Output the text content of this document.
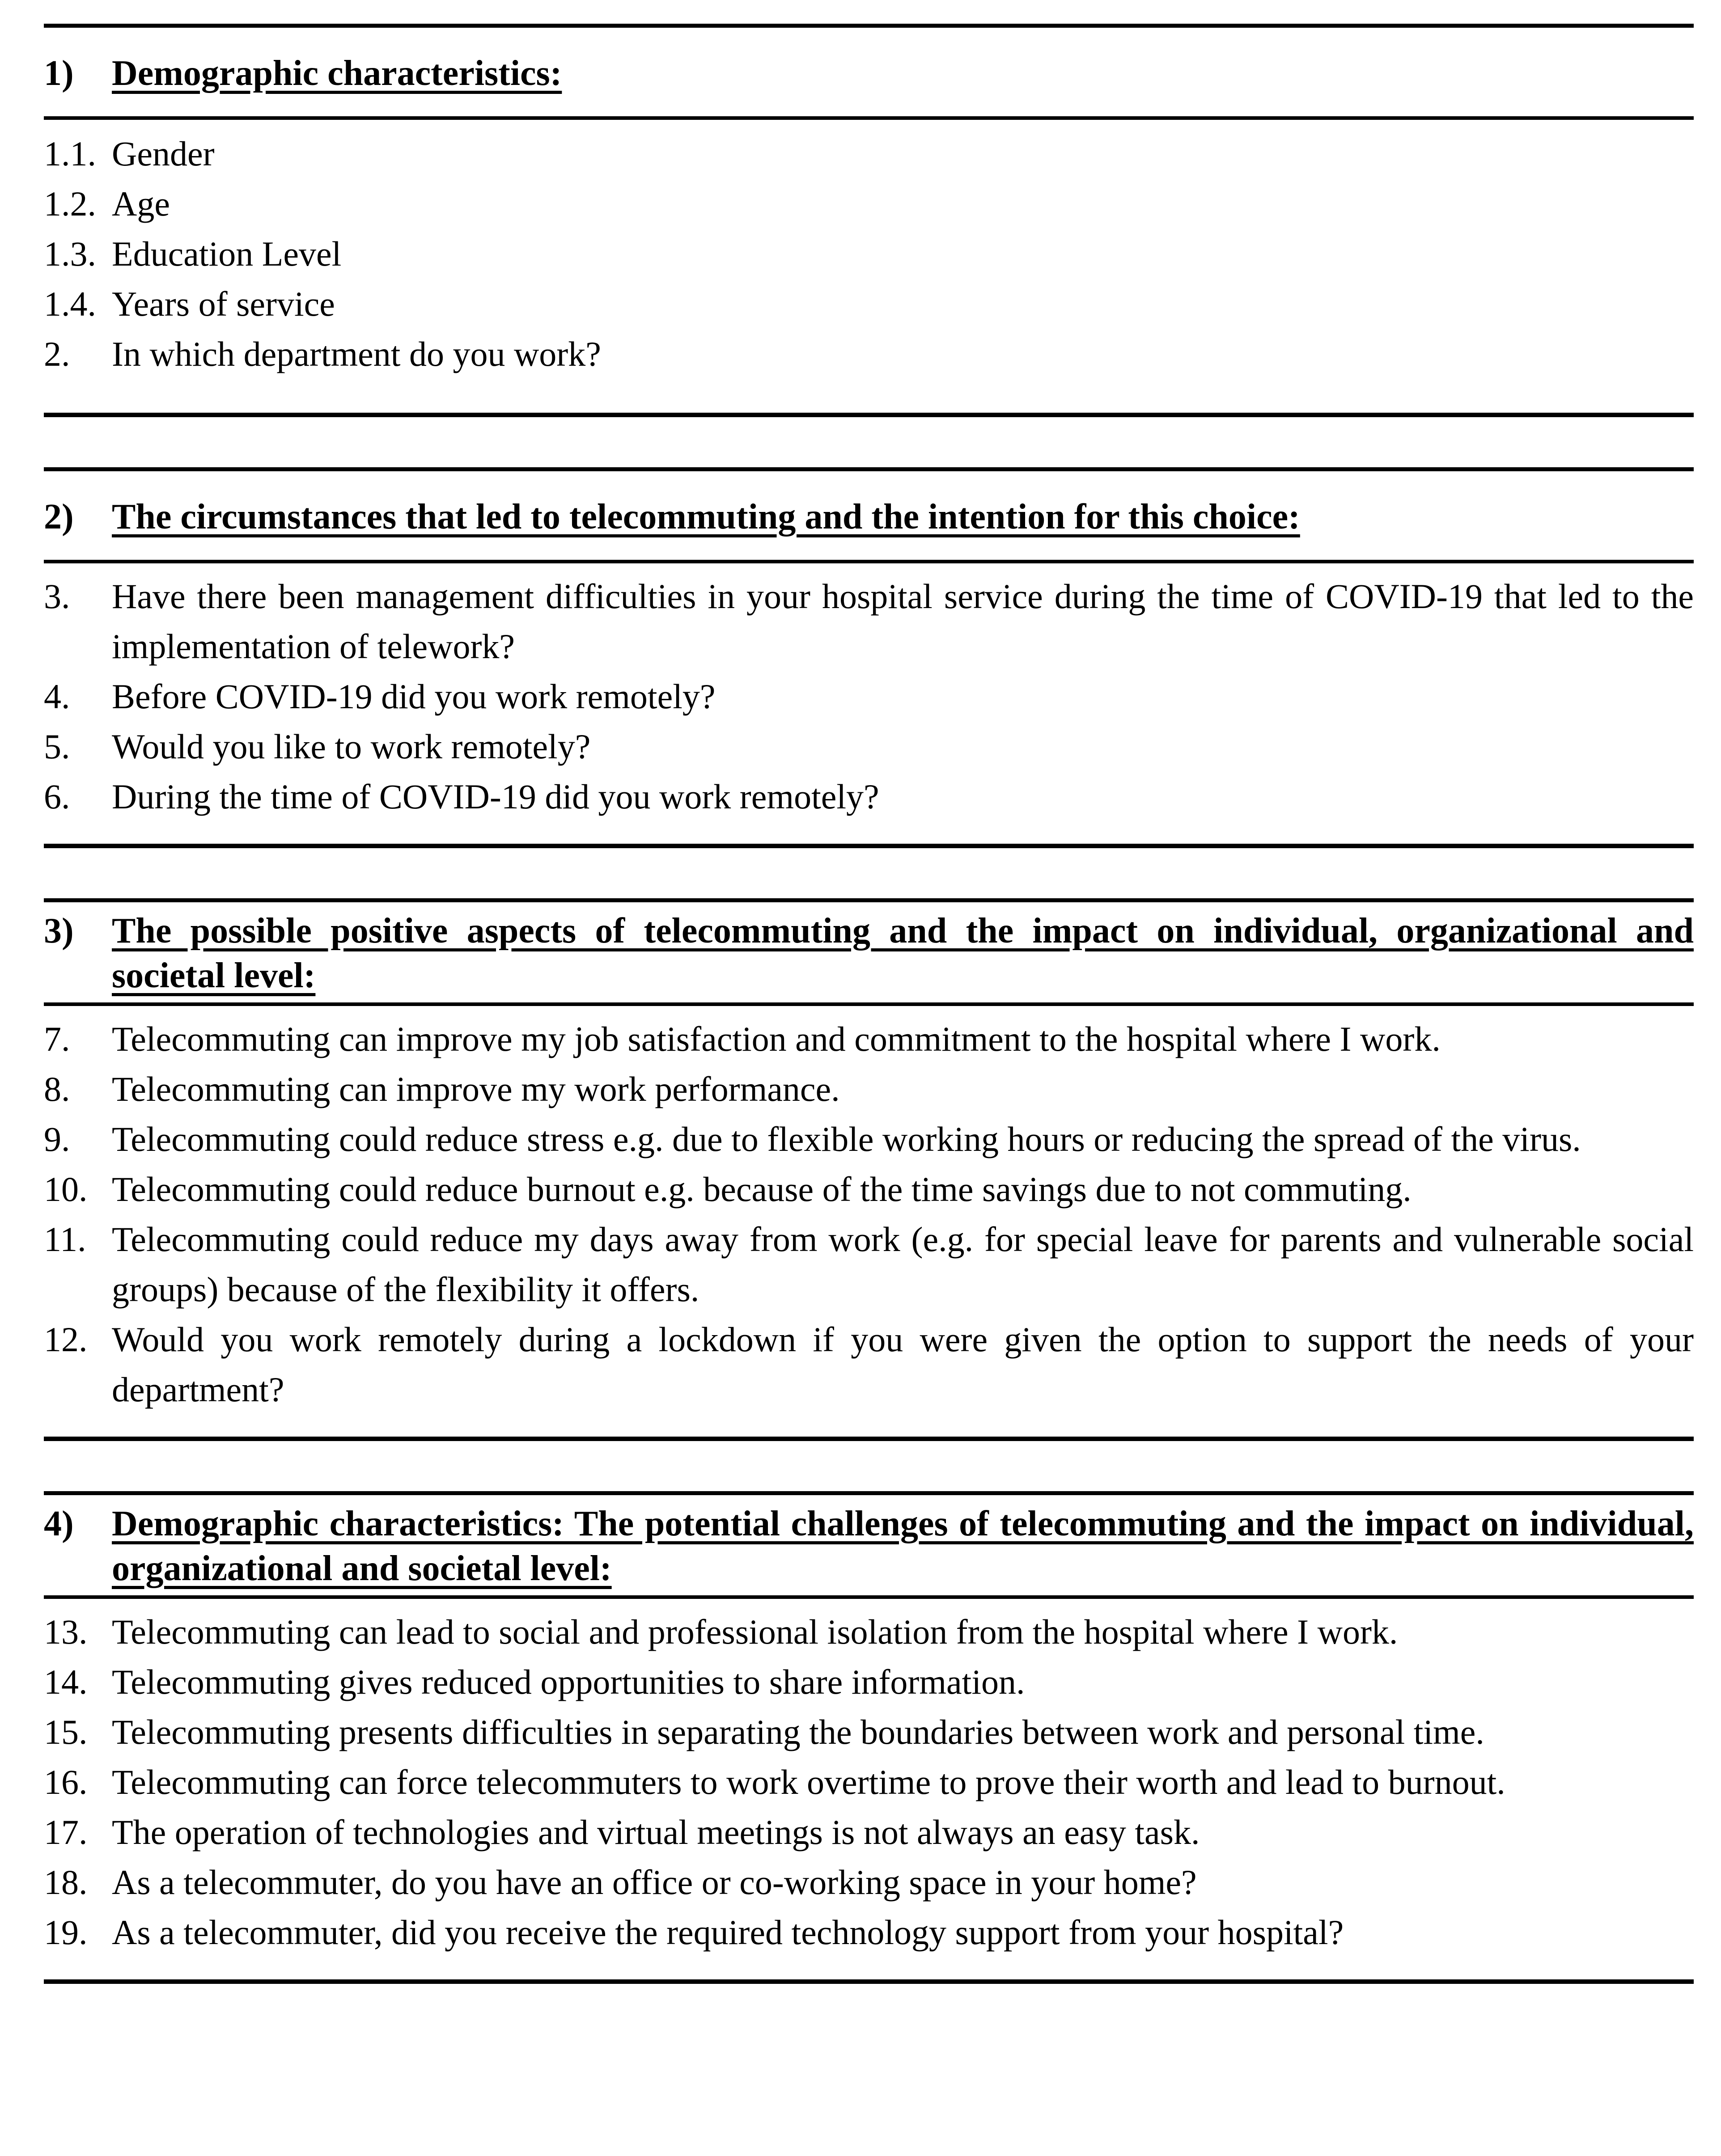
1)	Demographic characteristics:
1.1. Gender
1.2. Age
1.3. Education Level
1.4. Years of service
2.	In which department do you work?
2)	The circumstances that led to telecommuting and the intention for this choice:
3.	Have there been management difficulties in your hospital service during the time of COVID-19 that led to the implementation of telework?
4.	Before COVID-19 did you work remotely?
5.	Would you like to work remotely?
6.	During the time of COVID-19 did you work remotely?
3)	The possible positive aspects of telecommuting and the impact on individual, organizational and societal level:
7.	Telecommuting can improve my job satisfaction and commitment to the hospital where I work.
8.	Telecommuting can improve my work performance.
9.	Telecommuting could reduce stress e.g. due to flexible working hours or reducing the spread of the virus.
10. Telecommuting could reduce burnout e.g. because of the time savings due to not commuting.
11. Telecommuting could reduce my days away from work (e.g. for special leave for parents and vulnerable social groups) because of the flexibility it offers.
12. Would you work remotely during a lockdown if you were given the option to support the needs of your department?
4)	Demographic characteristics: The potential challenges of telecommuting and the impact on individual, organizational and societal level:
13. Telecommuting can lead to social and professional isolation from the hospital where I work.
14. Telecommuting gives reduced opportunities to share information.
15. Telecommuting presents difficulties in separating the boundaries between work and personal time.
16. Telecommuting can force telecommuters to work overtime to prove their worth and lead to burnout.
17. The operation of technologies and virtual meetings is not always an easy task.
18. As a telecommuter, do you have an office or co-working space in your home?
19. As a telecommuter, did you receive the required technology support from your hospital?
